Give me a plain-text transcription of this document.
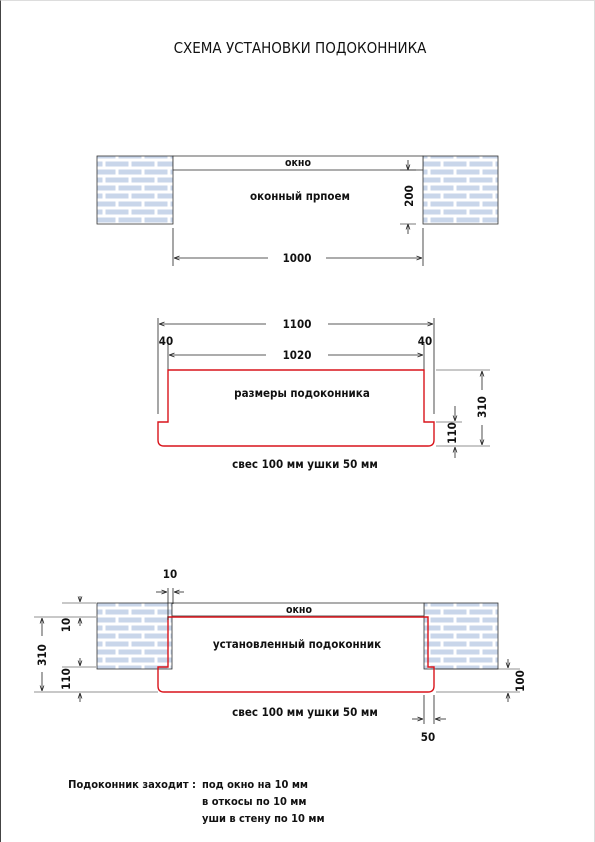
СХЕМА УСТАНОВКИ ПОДОКОННИКА
окно
оконный прпоем
1000
200
1100
40	40
1020
размеры подоконника
310
110
свес 100 мм ушки 50 мм
окно
установленный подоконник
10
310
10
110	100
50
свес 100 мм ушки 50 мм
Подоконник заходит : под окно на 10 мм
в откосы по 10 мм
уши в стену по 10 мм
